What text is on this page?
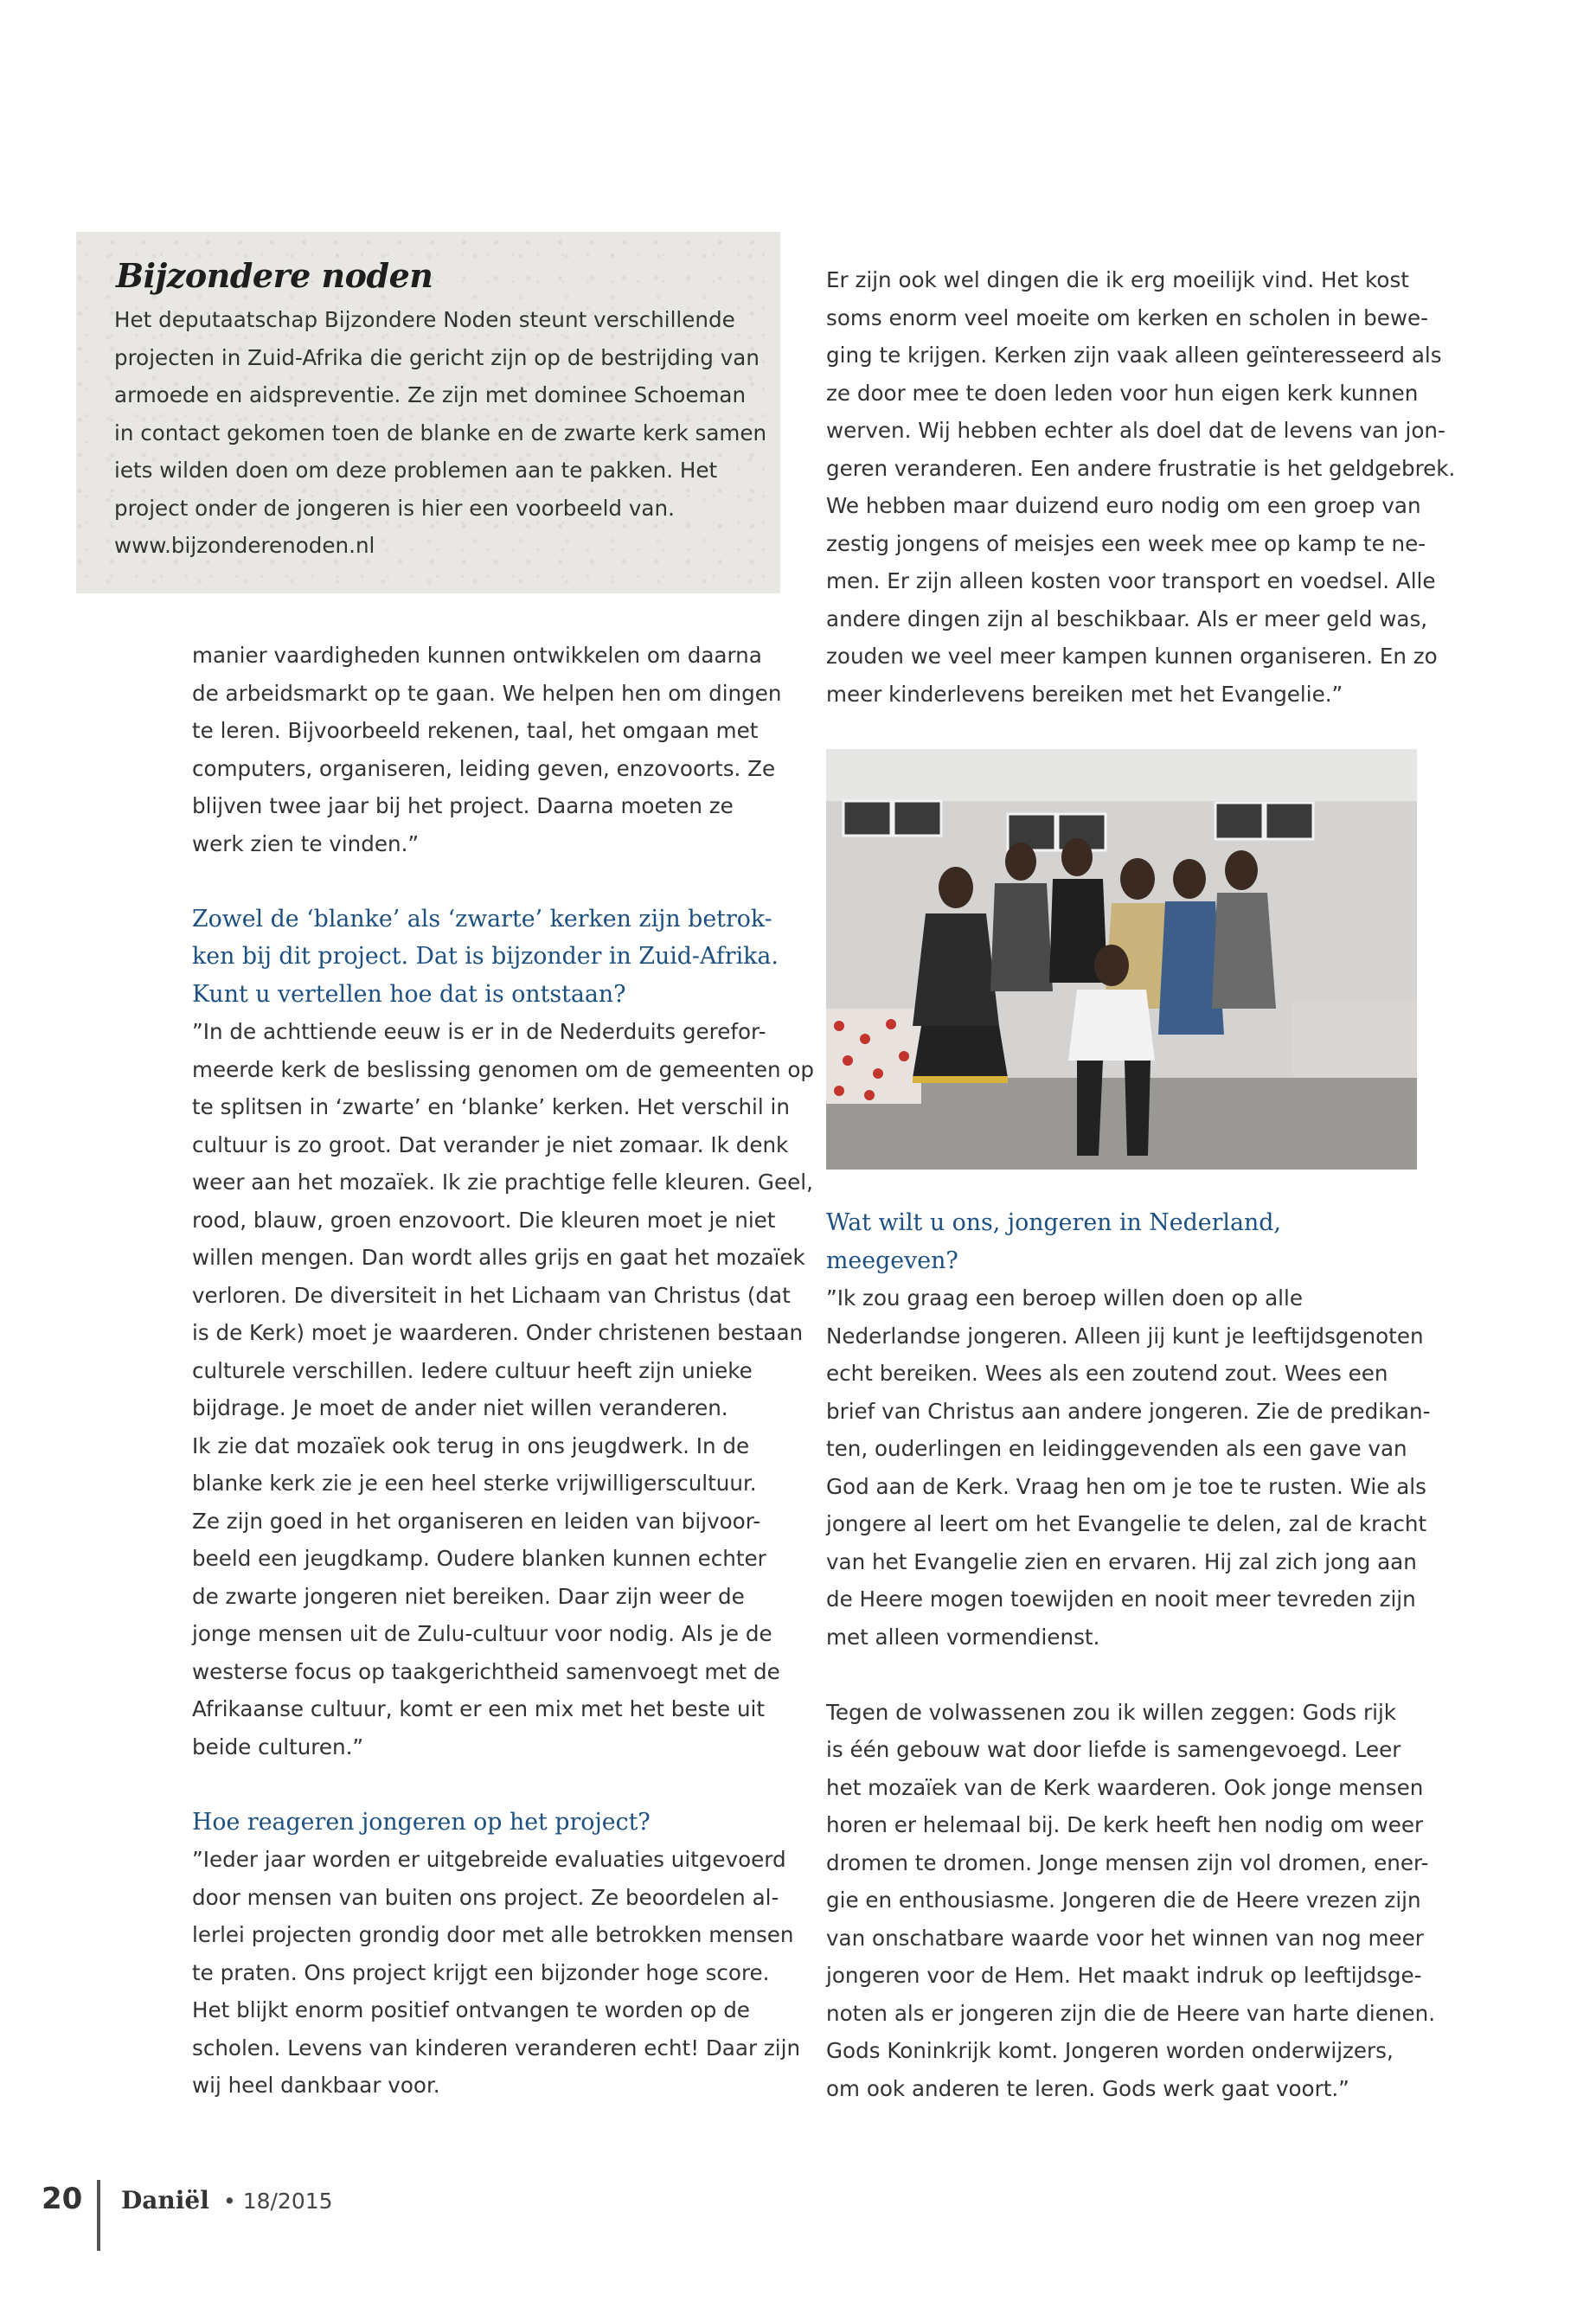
Bijzondere noden

Het deputaatschap Bijzondere Noden steunt verschillende
projecten in Zuid-Afrika die gericht zijn op de bestrijding van
armoede en aidspreventie. Ze zijn met dominee Schoeman
in contact gekomen toen de blanke en de zwarte kerk samen
iets wilden doen om deze problemen aan te pakken. Het
project onder de jongeren is hier een voorbeeld van.
www.bijzonderenoden.nl

manier vaardigheden kunnen ontwikkelen om daarna
de arbeidsmarkt op te gaan. We helpen hen om dingen
te leren. Bijvoorbeeld rekenen, taal, het omgaan met
computers, organiseren, leiding geven, enzovoorts. Ze
blijven twee jaar bij het project. Daarna moeten ze
werk zien te vinden.”

Zowel de ‘blanke’ als ‘zwarte’ kerken zijn betrok-
ken bij dit project. Dat is bijzonder in Zuid-Afrika.
Kunt u vertellen hoe dat is ontstaan?

”In de achttiende eeuw is er in de Nederduits gerefor-
meerde kerk de beslissing genomen om de gemeenten op
te splitsen in ‘zwarte’ en ‘blanke’ kerken. Het verschil in
cultuur is zo groot. Dat verander je niet zomaar. Ik denk
weer aan het mozaïek. Ik zie prachtige felle kleuren. Geel,
rood, blauw, groen enzovoort. Die kleuren moet je niet
willen mengen. Dan wordt alles grijs en gaat het mozaïek
verloren. De diversiteit in het Lichaam van Christus (dat
is de Kerk) moet je waarderen. Onder christenen bestaan
culturele verschillen. Iedere cultuur heeft zijn unieke
bijdrage. Je moet de ander niet willen veranderen.
Ik zie dat mozaïek ook terug in ons jeugdwerk. In de
blanke kerk zie je een heel sterke vrijwilligerscultuur.
Ze zijn goed in het organiseren en leiden van bijvoor-
beeld een jeugdkamp. Oudere blanken kunnen echter
de zwarte jongeren niet bereiken. Daar zijn weer de
jonge mensen uit de Zulu-cultuur voor nodig. Als je de
westerse focus op taakgerichtheid samenvoegt met de
Afrikaanse cultuur, komt er een mix met het beste uit
beide culturen.”

Hoe reageren jongeren op het project?

”Ieder jaar worden er uitgebreide evaluaties uitgevoerd
door mensen van buiten ons project. Ze beoordelen al-
lerlei projecten grondig door met alle betrokken mensen
te praten. Ons project krijgt een bijzonder hoge score.
Het blijkt enorm positief ontvangen te worden op de
scholen. Levens van kinderen veranderen echt! Daar zijn
wij heel dankbaar voor.

Er zijn ook wel dingen die ik erg moeilijk vind. Het kost
soms enorm veel moeite om kerken en scholen in bewe-
ging te krijgen. Kerken zijn vaak alleen geïnteresseerd als
ze door mee te doen leden voor hun eigen kerk kunnen
werven. Wij hebben echter als doel dat de levens van jon-
geren veranderen. Een andere frustratie is het geldgebrek.
We hebben maar duizend euro nodig om een groep van
zestig jongens of meisjes een week mee op kamp te ne-
men. Er zijn alleen kosten voor transport en voedsel. Alle
andere dingen zijn al beschikbaar. Als er meer geld was,
zouden we veel meer kampen kunnen organiseren. En zo
meer kinderlevens bereiken met het Evangelie.”

Wat wilt u ons, jongeren in Nederland,
meegeven?

”Ik zou graag een beroep willen doen op alle
Nederlandse jongeren. Alleen jij kunt je leeftijdsgenoten
echt bereiken. Wees als een zoutend zout. Wees een
brief van Christus aan andere jongeren. Zie de predikan-
ten, ouderlingen en leidinggevenden als een gave van
God aan de Kerk. Vraag hen om je toe te rusten. Wie als
jongere al leert om het Evangelie te delen, zal de kracht
van het Evangelie zien en ervaren. Hij zal zich jong aan
de Heere mogen toewijden en nooit meer tevreden zijn
met alleen vormendienst.

Tegen de volwassenen zou ik willen zeggen: Gods rijk
is één gebouw wat door liefde is samengevoegd. Leer
het mozaïek van de Kerk waarderen. Ook jonge mensen
horen er helemaal bij. De kerk heeft hen nodig om weer
dromen te dromen. Jonge mensen zijn vol dromen, ener-
gie en enthousiasme. Jongeren die de Heere vrezen zijn
van onschatbare waarde voor het winnen van nog meer
jongeren voor de Hem. Het maakt indruk op leeftijdsge-
noten als er jongeren zijn die de Heere van harte dienen.
Gods Koninkrijk komt. Jongeren worden onderwijzers,
om ook anderen te leren. Gods werk gaat voort.”

20 Daniël • 18/2015
